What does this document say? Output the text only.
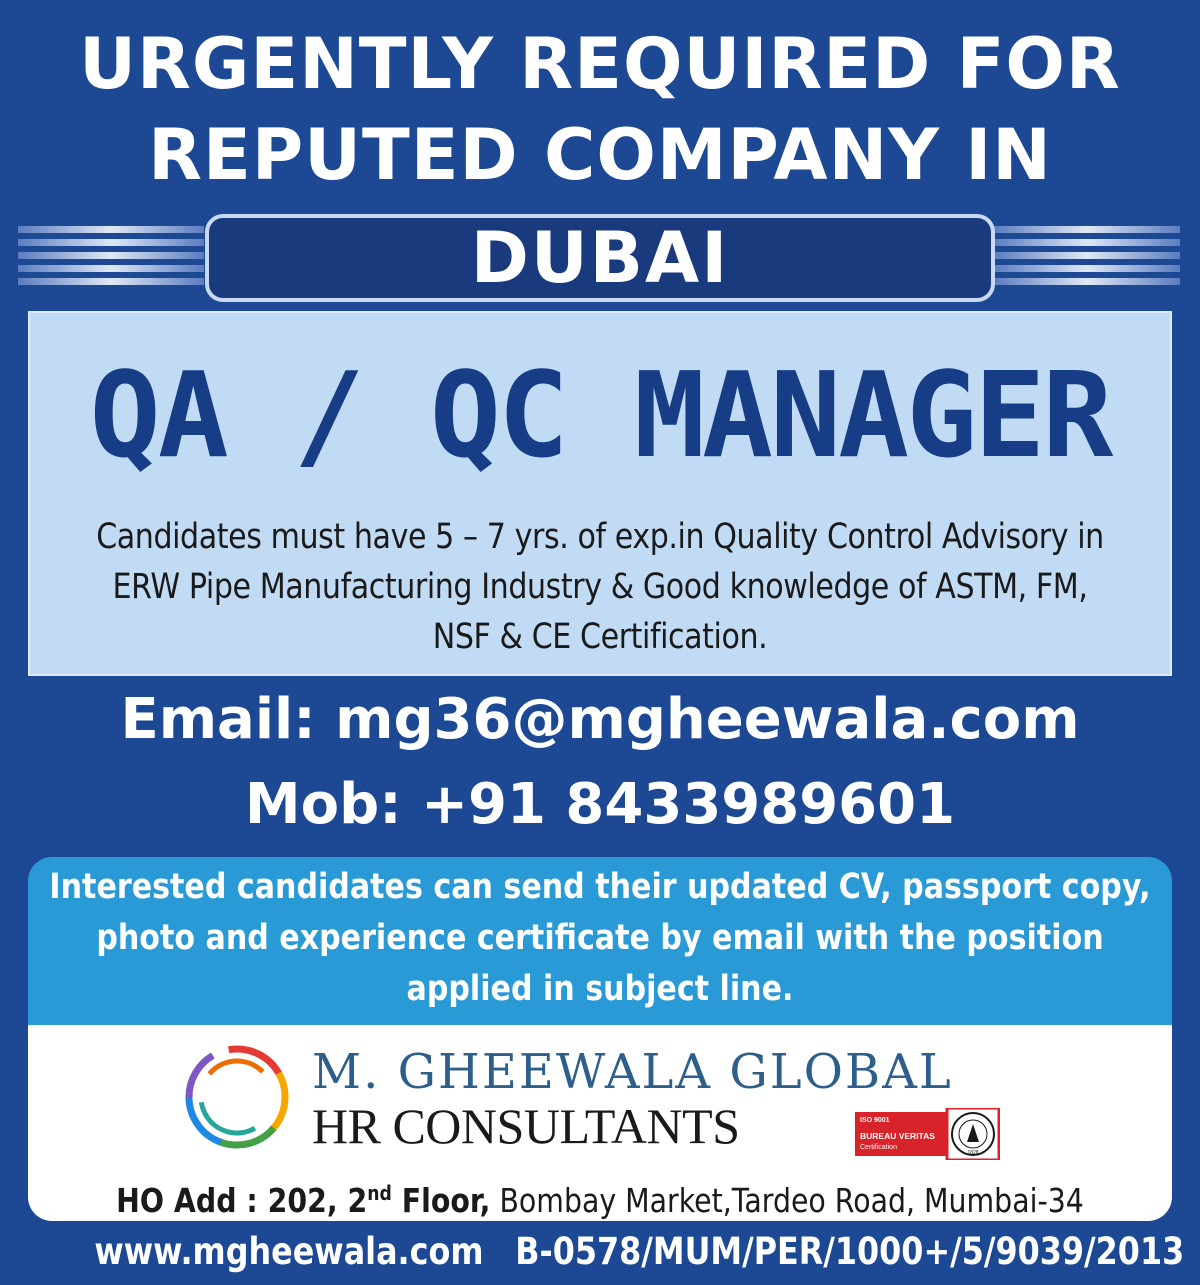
URGENTLY REQUIRED FOR
REPUTED COMPANY IN
DUBAI
QA / QC MANAGER
Candidates must have 5 – 7 yrs. of exp.in Quality Control Advisory in
ERW Pipe Manufacturing Industry & Good knowledge of ASTM, FM,
NSF & CE Certification.
Email: mg36@mgheewala.com
Mob: +91 8433989601
Interested candidates can send their updated CV, passport copy,
photo and experience certificate by email with the position
applied in subject line.
M. GHEEWALA GLOBAL
HR CONSULTANTS	ISO 9001
BUREAU VERITAS
Certification
1828
HO Add : 202, 2nd Floor, Bombay Market,Tardeo Road, Mumbai-34
www.mgheewala.com B-0578/MUM/PER/1000+/5/9039/2013
